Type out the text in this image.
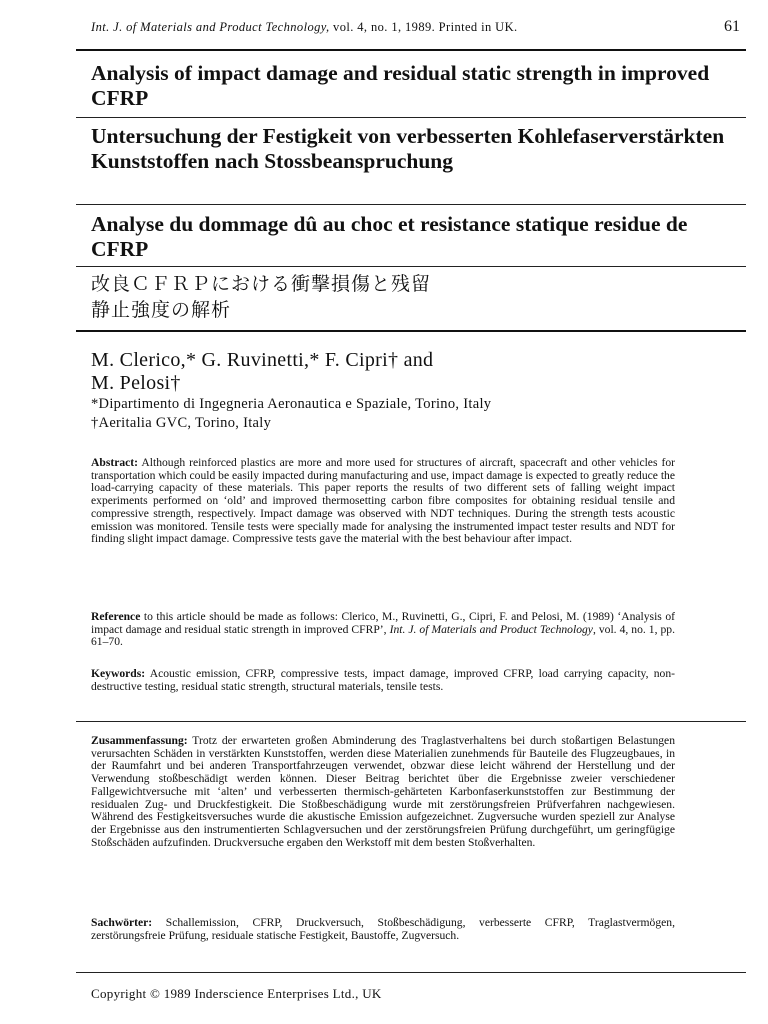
Int. J. of Materials and Product Technology, vol. 4, no. 1, 1989. Printed in UK.	61
Analysis of impact damage and residual static strength in improved CFRP
Untersuchung der Festigkeit von verbesserten Kohlefaserverstärkten Kunststoffen nach Stossbeanspruchung
Analyse du dommage dû au choc et resistance statique residue de CFRP
改良ＣＦＲＰにおける衝撃損傷と残留
静止強度の解析
M. Clerico,* G. Ruvinetti,* F. Cipri† and
M. Pelosi†
*Dipartimento di Ingegneria Aeronautica e Spaziale, Torino, Italy
†Aeritalia GVC, Torino, Italy
Abstract: Although reinforced plastics are more and more used for structures of aircraft, spacecraft and other vehicles for transportation which could be easily impacted during manufacturing and use, impact damage is expected to greatly reduce the load-carrying capacity of these materials. This paper reports the results of two different sets of falling weight impact experiments performed on ‘old’ and improved thermosetting carbon fibre composites for obtaining residual tensile and compressive strength, respectively. Impact damage was observed with NDT techniques. During the strength tests acoustic emission was monitored. Tensile tests were specially made for analysing the instrumented impact tester results and NDT for finding slight impact damage. Compressive tests gave the material with the best behaviour after impact.
Reference to this article should be made as follows: Clerico, M., Ruvinetti, G., Cipri, F. and Pelosi, M. (1989) ‘Analysis of impact damage and residual static strength in improved CFRP’, Int. J. of Materials and Product Technology, vol. 4, no. 1, pp. 61–70.
Keywords: Acoustic emission, CFRP, compressive tests, impact damage, improved CFRP, load carrying capacity, non-destructive testing, residual static strength, structural materials, tensile tests.
Zusammenfassung: Trotz der erwarteten großen Abminderung des Traglastverhaltens bei durch stoßartigen Belastungen verursachten Schäden in verstärkten Kunststoffen, werden diese Materialien zunehmends für Bauteile des Flugzeugbaues, in der Raumfahrt und bei anderen Transportfahrzeugen verwendet, obzwar diese leicht während der Herstellung und der Verwendung stoßbeschädigt werden können. Dieser Beitrag berichtet über die Ergebnisse zweier verschiedener Fallgewichtversuche mit ‘alten’ und verbesserten thermisch-gehärteten Karbonfaserkunststoffen zur Bestimmung der residualen Zug- und Druckfestigkeit. Die Stoßbeschädigung wurde mit zerstörungsfreien Prüfverfahren nachgewiesen. Während des Festigkeitsversuches wurde die akustische Emission aufgezeichnet. Zugversuche wurden speziell zur Analyse der Ergebnisse aus den instrumentierten Schlagversuchen und der zerstörungsfreien Prüfung durchgeführt, um geringfügige Stoßschäden aufzufinden. Druckversuche ergaben den Werkstoff mit dem besten Stoßverhalten.
Sachwörter: Schallemission, CFRP, Druckversuch, Stoßbeschädigung, verbesserte CFRP, Traglastvermögen, zerstörungsfreie Prüfung, residuale statische Festigkeit, Baustoffe, Zugversuch.
Copyright © 1989 Inderscience Enterprises Ltd., UK
